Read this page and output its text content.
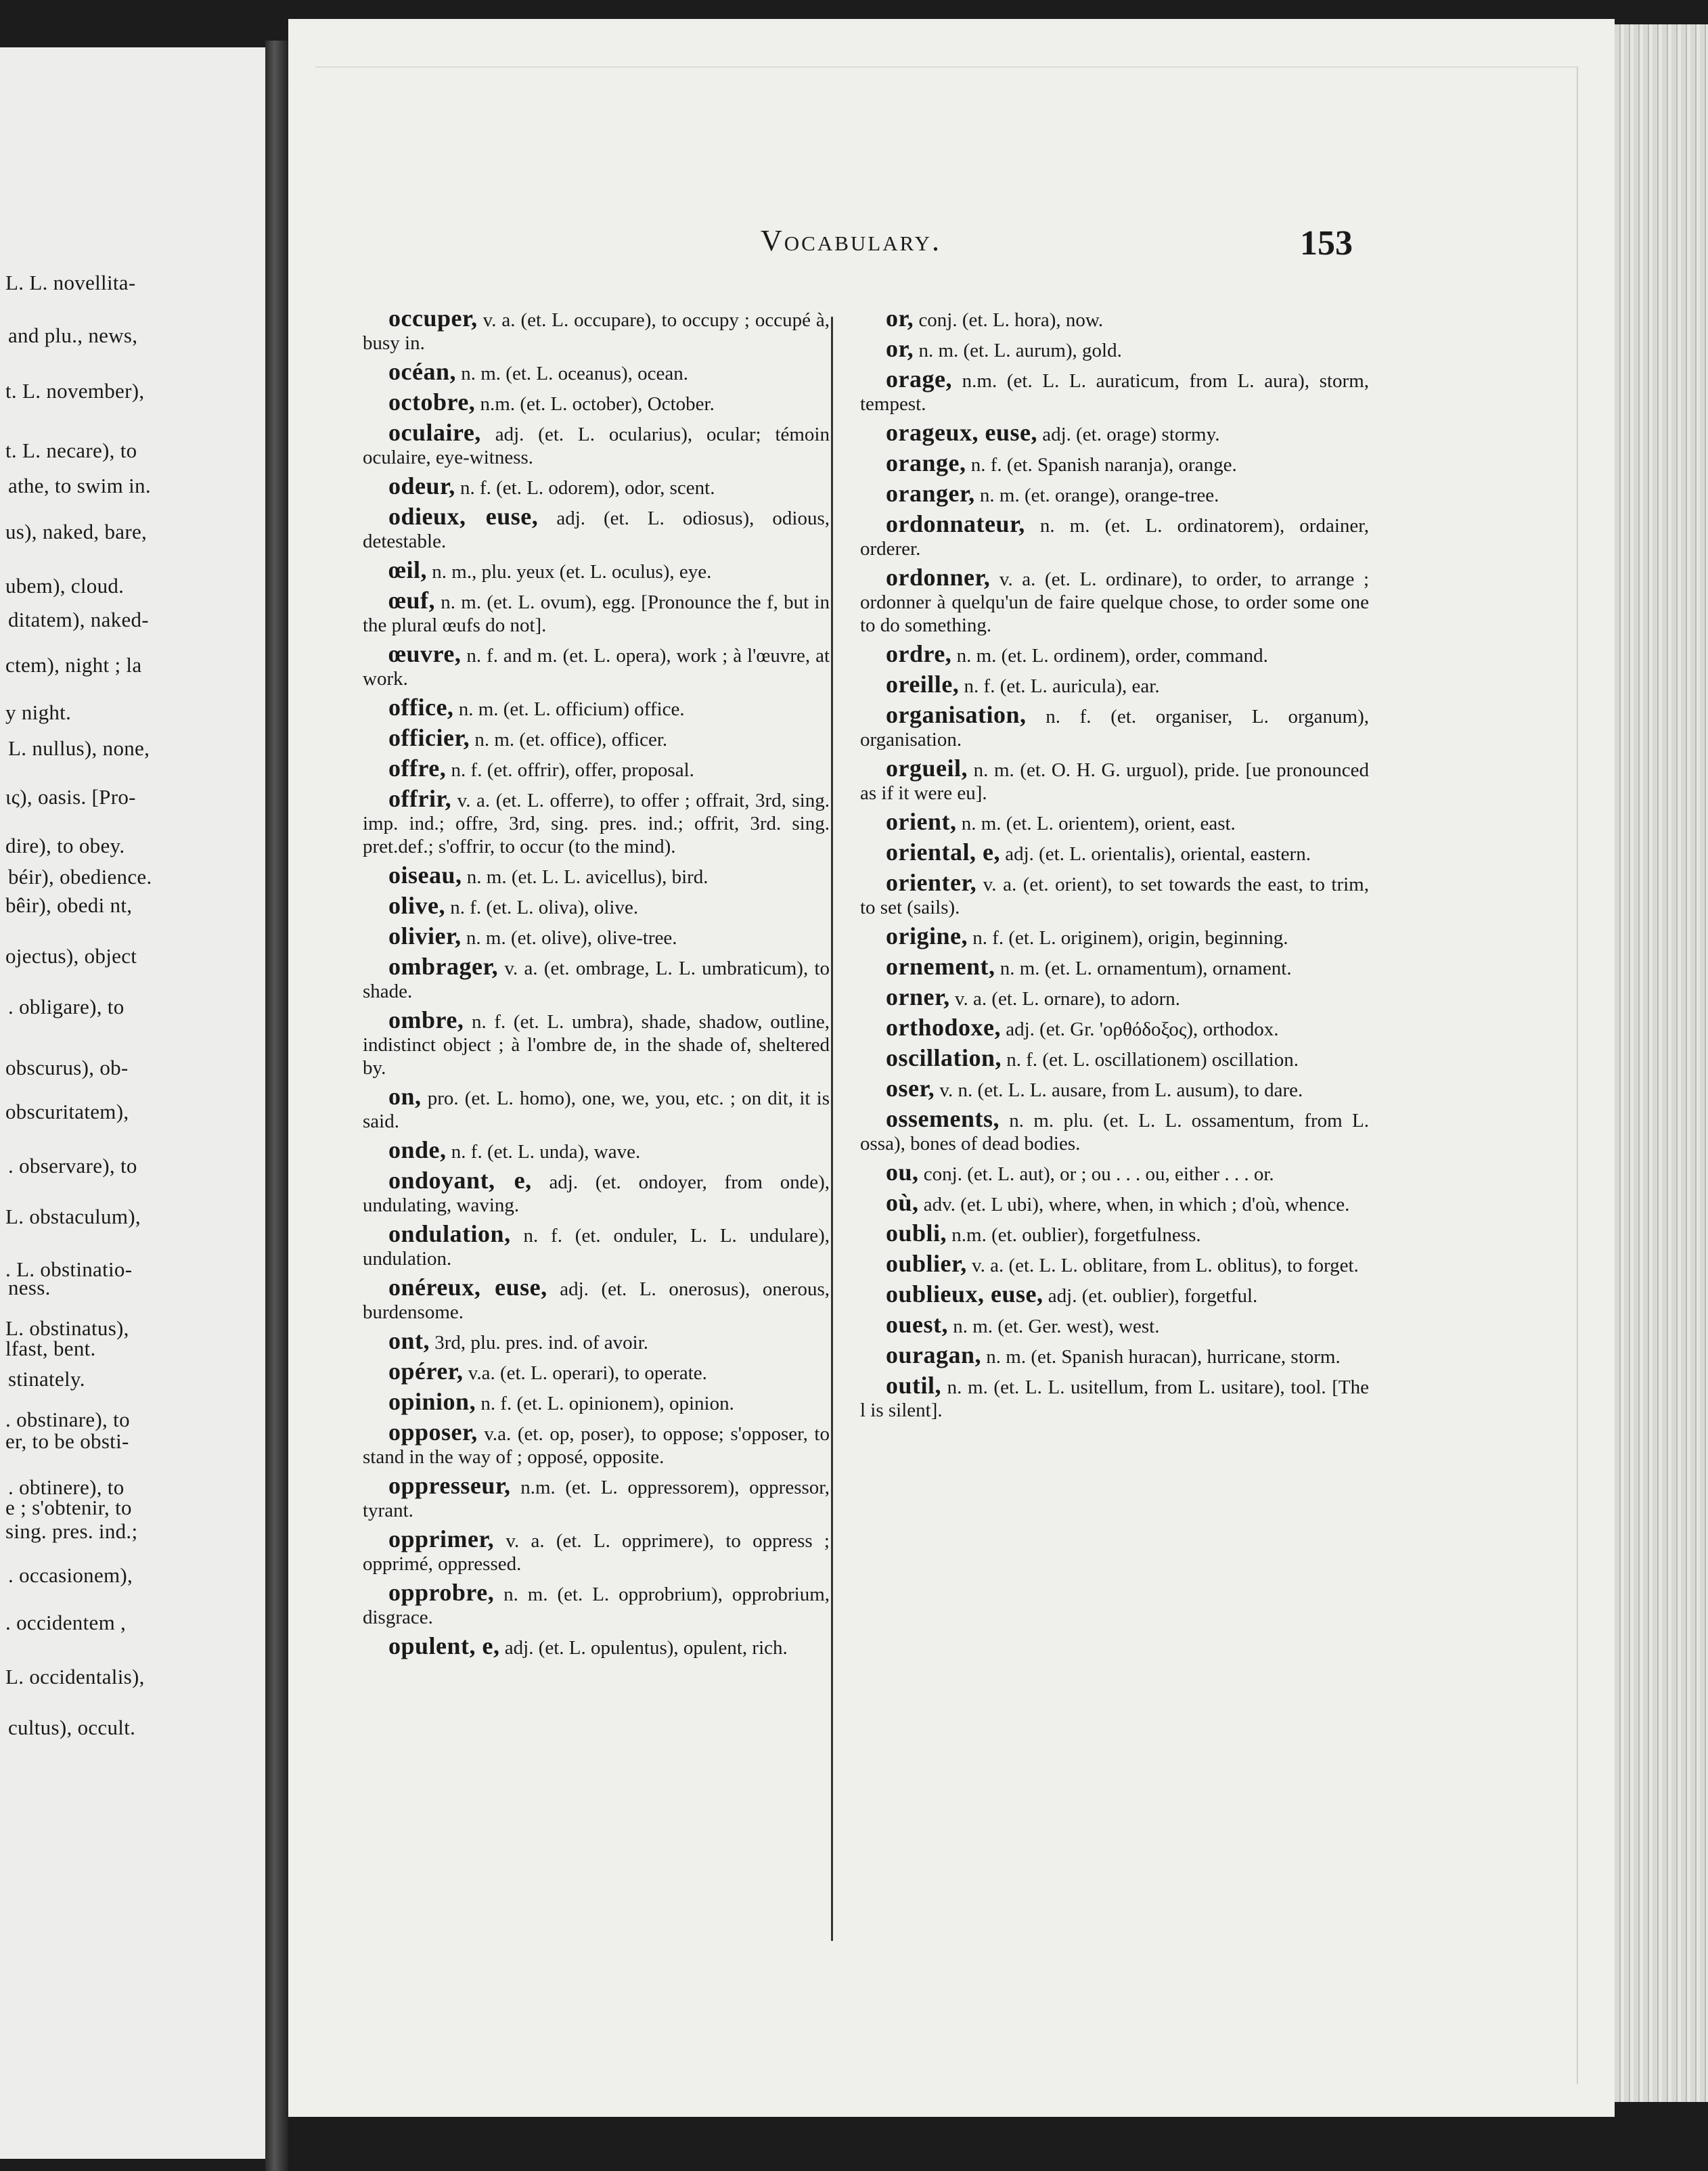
L. L. novellita-
and plu., news,
t. L. november),
t. L. necare), to
athe, to swim in.
us), naked, bare,
ubem), cloud.
ditatem), naked-
ctem), night ; la
y night.
L. nullus), none,
ις), oasis. [Pro-
dire), to obey.
béir), obedience.
bêir), obedi nt,
ojectus), object
. obligare), to
obscurus), ob-
obscuritatem),
. observare), to
L. obstaculum),
. L. obstinatio-
ness.
L. obstinatus),
lfast, bent.
stinately.
. obstinare), to
er, to be obsti-
. obtinere), to
e ; s'obtenir, to
sing. pres. ind.;
. occasionem),
. occidentem ,
L. occidentalis),
cultus), occult.
Vocabulary.	153

occuper, v. a. (et. L. occupare), to occupy ; occupé à, busy in.

océan, n. m. (et. L. oceanus), ocean.

octobre, n.m. (et. L. october), October.

oculaire, adj. (et. L. ocularius), ocular; témoin oculaire, eye-witness.

odeur, n. f. (et. L. odorem), odor, scent.

odieux, euse, adj. (et. L. odiosus), odious, detestable.

œil, n. m., plu. yeux (et. L. oculus), eye.

œuf, n. m. (et. L. ovum), egg. [Pronounce the f, but in the plural œufs do not].

œuvre, n. f. and m. (et. L. opera), work ; à l'œuvre, at work.

office, n. m. (et. L. officium) office.

officier, n. m. (et. office), officer.

offre, n. f. (et. offrir), offer, proposal.

offrir, v. a. (et. L. offerre), to offer ; offrait, 3rd, sing. imp. ind.; offre, 3rd, sing. pres. ind.; offrit, 3rd. sing. pret.def.; s'offrir, to occur (to the mind).

oiseau, n. m. (et. L. L. avicellus), bird.

olive, n. f. (et. L. oliva), olive.

olivier, n. m. (et. olive), olive-tree.

ombrager, v. a. (et. ombrage, L. L. umbraticum), to shade.

ombre, n. f. (et. L. umbra), shade, shadow, outline, indistinct object ; à l'ombre de, in the shade of, sheltered by.

on, pro. (et. L. homo), one, we, you, etc. ; on dit, it is said.

onde, n. f. (et. L. unda), wave.

ondoyant, e, adj. (et. ondoyer, from onde), undulating, waving.

ondulation, n. f. (et. onduler, L. L. undulare), undulation.

onéreux, euse, adj. (et. L. onerosus), onerous, burdensome.

ont, 3rd, plu. pres. ind. of avoir.

opérer, v.a. (et. L. operari), to operate.

opinion, n. f. (et. L. opinionem), opinion.

opposer, v.a. (et. op, poser), to oppose; s'opposer, to stand in the way of ; opposé, opposite.

oppresseur, n.m. (et. L. oppressorem), oppressor, tyrant.

opprimer, v. a. (et. L. opprimere), to oppress ; opprimé, oppressed.

opprobre, n. m. (et. L. opprobrium), opprobrium, disgrace.

opulent, e, adj. (et. L. opulentus), opulent, rich.

or, conj. (et. L. hora), now.

or, n. m. (et. L. aurum), gold.

orage, n.m. (et. L. L. auraticum, from L. aura), storm, tempest.

orageux, euse, adj. (et. orage) stormy.

orange, n. f. (et. Spanish naranja), orange.

oranger, n. m. (et. orange), orange-tree.

ordonnateur, n. m. (et. L. ordinatorem), ordainer, orderer.

ordonner, v. a. (et. L. ordinare), to order, to arrange ; ordonner à quelqu'un de faire quelque chose, to order some one to do something.

ordre, n. m. (et. L. ordinem), order, command.

oreille, n. f. (et. L. auricula), ear.

organisation, n. f. (et. organiser, L. organum), organisation.

orgueil, n. m. (et. O. H. G. urguol), pride. [ue pronounced as if it were eu].

orient, n. m. (et. L. orientem), orient, east.

oriental, e, adj. (et. L. orientalis), oriental, eastern.

orienter, v. a. (et. orient), to set towards the east, to trim, to set (sails).

origine, n. f. (et. L. originem), origin, beginning.

ornement, n. m. (et. L. ornamentum), ornament.

orner, v. a. (et. L. ornare), to adorn.

orthodoxe, adj. (et. Gr. 'ορθόδοξος), orthodox.

oscillation, n. f. (et. L. oscillationem) oscillation.

oser, v. n. (et. L. L. ausare, from L. ausum), to dare.

ossements, n. m. plu. (et. L. L. ossamentum, from L. ossa), bones of dead bodies.

ou, conj. (et. L. aut), or ; ou . . . ou, either . . . or.

où, adv. (et. L ubi), where, when, in which ; d'où, whence.

oubli, n.m. (et. oublier), forgetfulness.

oublier, v. a. (et. L. L. oblitare, from L. oblitus), to forget.

oublieux, euse, adj. (et. oublier), forgetful.

ouest, n. m. (et. Ger. west), west.

ouragan, n. m. (et. Spanish huracan), hurricane, storm.

outil, n. m. (et. L. L. usitellum, from L. usitare), tool. [The l is silent].
